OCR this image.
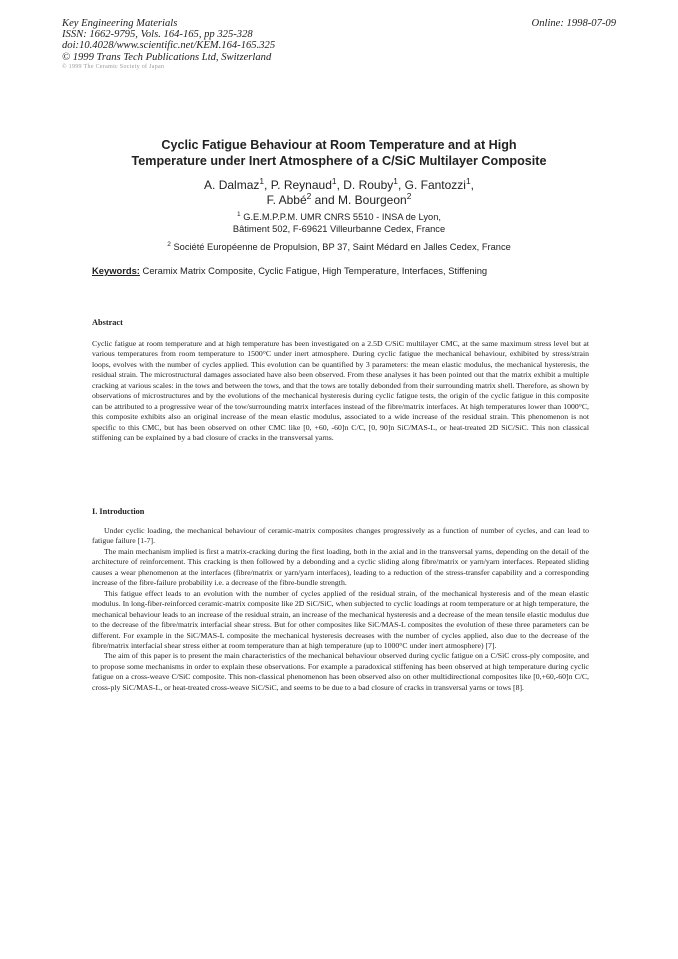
Key Engineering Materials
ISSN: 1662-9795, Vols. 164-165, pp 325-328
doi:10.4028/www.scientific.net/KEM.164-165.325
© 1999 Trans Tech Publications Ltd, Switzerland
Online: 1998-07-09
© 1999 The Ceramic Society of Japan
Cyclic Fatigue Behaviour at Room Temperature and at High
Temperature under Inert Atmosphere of a C/SiC Multilayer Composite
A. Dalmaz$^1$, P. Reynaud$^1$, D. Rouby$^1$, G. Fantozzi$^1$,
F. Abbé$^2$ and M. Bourgeon$^2$
$^1$ G.E.M.P.P.M. UMR CNRS 5510 - INSA de Lyon,
Bâtiment 502, F-69621 Villeurbanne Cedex, France
$^2$ Société Européenne de Propulsion, BP 37, Saint Médard en Jalles Cedex, France
Keywords: Ceramix Matrix Composite, Cyclic Fatigue, High Temperature, Interfaces, Stiffening
Abstract

Cyclic fatigue at room temperature and at high temperature has been investigated on a 2.5D C/SiC multilayer CMC, at the same maximum stress level but at various temperatures from room temperature to 1500°C under inert atmosphere. During cyclic fatigue the mechanical behaviour, exhibited by stress/strain loops, evolves with the number of cycles applied. This evolution can be quantified by 3 parameters: the mean elastic modulus, the mechanical hysteresis, the residual strain. The microstructural damages associated have also been observed. From these analyses it has been pointed out that the matrix exhibit a multiple cracking at various scales: in the tows and between the tows, and that the tows are totally debonded from their surrounding matrix shell. Therefore, as shown by observations of microstructures and by the evolutions of the mechanical hysteresis during cyclic fatigue tests, the origin of the cyclic fatigue in this composite can be attributed to a progressive wear of the tow/surrounding matrix interfaces instead of the fibre/matrix interfaces. At high temperatures lower than 1000°C, this composite exhibits also an original increase of the mean elastic modulus, associated to a wide increase of the residual strain. This phenomenon is not specific to this CMC, but has been observed on other CMC like [0, +60, -60]n C/C, [0, 90]n SiC/MAS-L, or heat-treated 2D SiC/SiC. This non classical stiffening can be explained by a bad closure of cracks in the transversal yarns.

I. Introduction

Under cyclic loading, the mechanical behaviour of ceramic-matrix composites changes progressively as a function of number of cycles, and can lead to fatigue failure [1-7].

The main mechanism implied is first a matrix-cracking during the first loading, both in the axial and in the transversal yarns, depending on the detail of the architecture of reinforcement. This cracking is then followed by a debonding and a cyclic sliding along fibre/matrix or yarn/yarn interfaces. Repeated sliding causes a wear phenomenon at the interfaces (fibre/matrix or yarn/yarn interfaces), leading to a reduction of the stress-transfer capability and a corresponding increase of the fibre-failure probability i.e. a decrease of the fibre-bundle strength.

This fatigue effect leads to an evolution with the number of cycles applied of the residual strain, of the mechanical hysteresis and of the mean elastic modulus. In long-fiber-reinforced ceramic-matrix composite like 2D SiC/SiC, when subjected to cyclic loadings at room temperature or at high temperature, the mechanical behaviour leads to an increase of the residual strain, an increase of the mechanical hysteresis and a decrease of the mean tensile elastic modulus due to the decrease of the fibre/matrix interfacial shear stress. But for other composites like SiC/MAS-L composites the evolution of these three parameters can be different. For example in the SiC/MAS-L composite the mechanical hysteresis decreases with the number of cycles applied, also due to the decrease of the fibre/matrix interfacial shear stress either at room temperature than at high temperature (up to 1000°C under inert atmosphere) [7].

The aim of this paper is to present the main characteristics of the mechanical behaviour observed during cyclic fatigue on a C/SiC cross-ply composite, and to propose some mechanisms in order to explain these observations. For example a paradoxical stiffening has been observed at high temperature during cyclic fatigue on a cross-weave C/SiC composite. This non-classical phenomenon has been observed also on other multidirectional composites like [0,+60,-60]n C/C, cross-ply SiC/MAS-L, or heat-treated cross-weave SiC/SiC, and seems to be due to a bad closure of cracks in transversal yarns or tows [8].
